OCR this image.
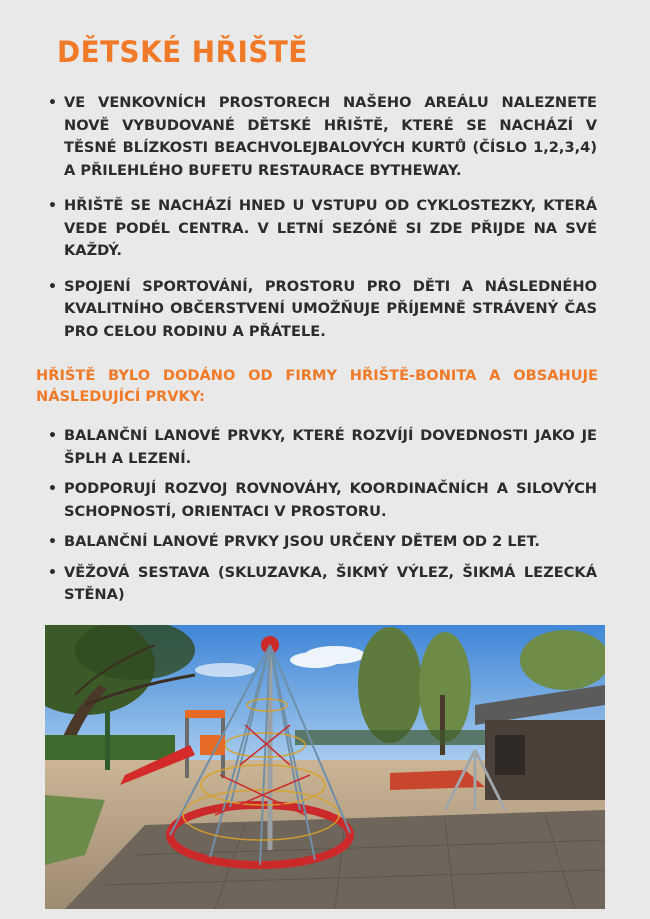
DĚTSKÉ HŘIŠTĚ
• VE VENKOVNÍCH PROSTORECH NAŠEHO AREÁLU NALEZNETE NOVĚ VYBUDOVANÉ DĚTSKÉ HŘIŠTĚ, KTERÉ SE NACHÁZÍ V TĚSNÉ BLÍZKOSTI BEACHVOLEJBALOVÝCH KURTŮ (ČÍSLO 1,2,3,4) A PŘILEHLÉHO BUFETU RESTAURACE BYTHEWAY.
• HŘIŠTĚ SE NACHÁZÍ HNED U VSTUPU OD CYKLOSTEZKY, KTERÁ VEDE PODÉL CENTRA. V LETNÍ SEZÓNĚ SI ZDE PŘIJDE NA SVÉ KAŽDÝ.
• SPOJENÍ SPORTOVÁNÍ, PROSTORU PRO DĚTI A NÁSLEDNÉHO KVALITNÍHO OBČERSTVENÍ UMOŽŇUJE PŘÍJEMNĚ STRÁVENÝ ČAS PRO CELOU RODINU A PŘÁTELE.

HŘIŠTĚ BYLO DODÁNO OD FIRMY HŘIŠTĚ-BONITA A OBSAHUJE NÁSLEDUJÍCÍ PRVKY:

• BALANČNÍ LANOVÉ PRVKY, KTERÉ ROZVÍJÍ DOVEDNOSTI JAKO JE ŠPLH A LEZENÍ.
• PODPORUJÍ ROZVOJ ROVNOVÁHY, KOORDINAČNÍCH A SILOVÝCH SCHOPNOSTÍ, ORIENTACI V PROSTORU.
• BALANČNÍ LANOVÉ PRVKY JSOU URČENY DĚTEM OD 2 LET.
• VĚŽOVÁ SESTAVA (SKLUZAVKA, ŠIKMÝ VÝLEZ, ŠIKMÁ LEZECKÁ STĚNA)
